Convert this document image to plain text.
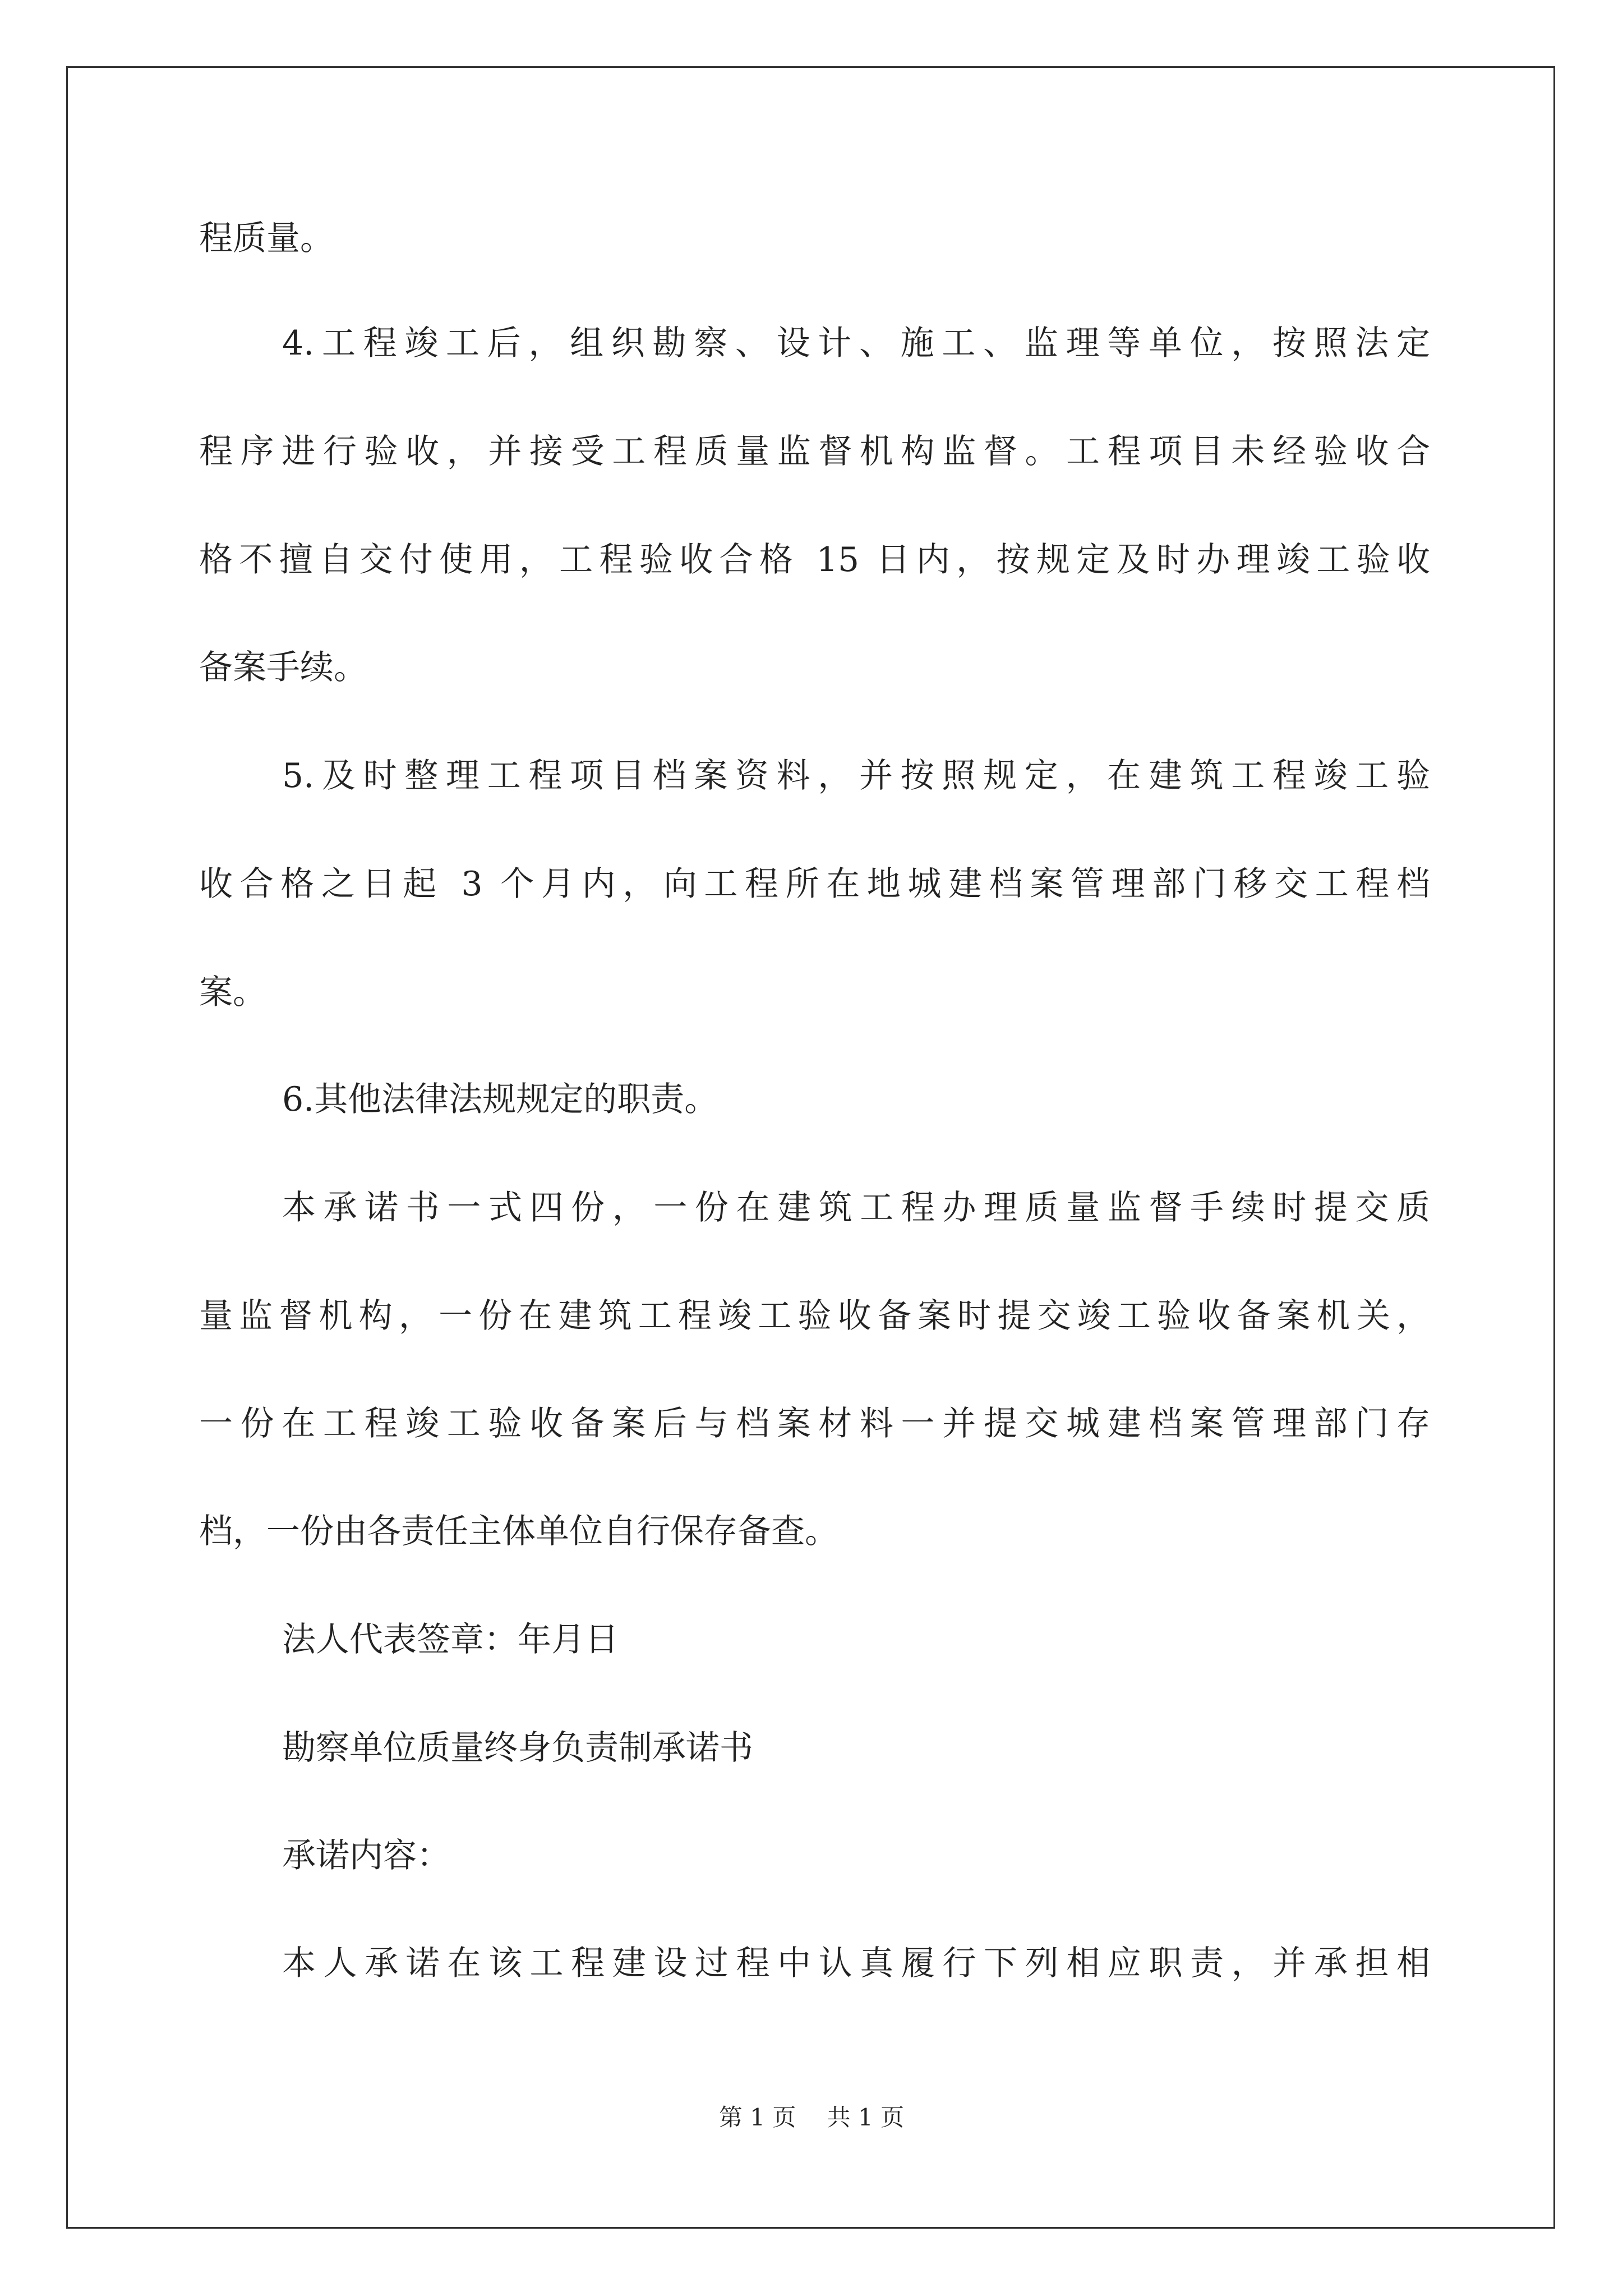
程质量。
4.工程竣工后，组织勘察、设计、施工、监理等单位，按照法定
程序进行验收，并接受工程质量监督机构监督。工程项目未经验收合
格不擅自交付使用，工程验收合格 15 日内，按规定及时办理竣工验收
备案手续。
5.及时整理工程项目档案资料，并按照规定，在建筑工程竣工验
收合格之日起 3 个月内，向工程所在地城建档案管理部门移交工程档
案。
6.其他法律法规规定的职责。
本承诺书一式四份，一份在建筑工程办理质量监督手续时提交质
量监督机构，一份在建筑工程竣工验收备案时提交竣工验收备案机关，
一份在工程竣工验收备案后与档案材料一并提交城建档案管理部门存
档，一份由各责任主体单位自行保存备查。
法人代表签章：年月日
勘察单位质量终身负责制承诺书
承诺内容：
本人承诺在该工程建设过程中认真履行下列相应职责，并承担相
第 1 页　 共 1 页
